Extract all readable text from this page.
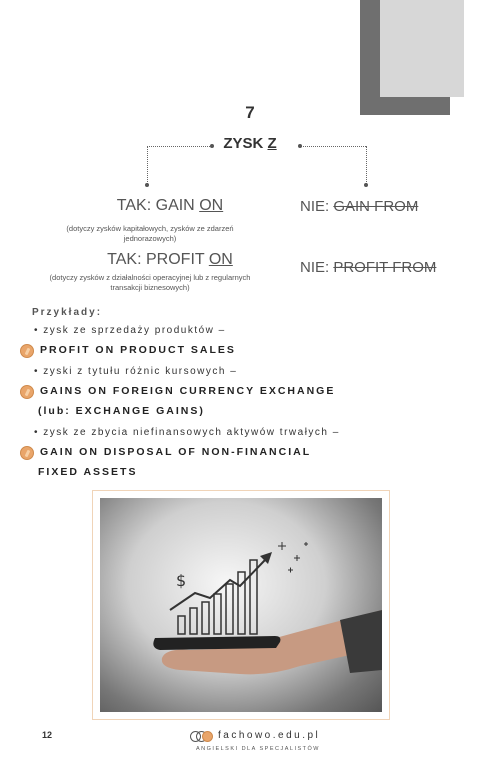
7
ZYSK Z
TAK: GAIN ON
(dotyczy zysków kapitałowych, zysków ze zdarzeń jednorazowych)
TAK: PROFIT ON
(dotyczy zysków z działalności operacyjnej lub z regularnych transakcji biznesowych)
NIE: GAIN FROM
NIE: PROFIT FROM
Przykłady:
• zysk ze sprzedaży produktów –
PROFIT ON PRODUCT SALES
• zyski z tytułu różnic kursowych –
GAINS ON FOREIGN CURRENCY EXCHANGE
(lub: EXCHANGE GAINS)
• zysk ze zbycia niefinansowych aktywów trwałych –
GAIN ON DISPOSAL OF NON-FINANCIAL
FIXED ASSETS
$
12	fachowo.edu.pl
ANGIELSKI DLA SPECJALISTÓW
